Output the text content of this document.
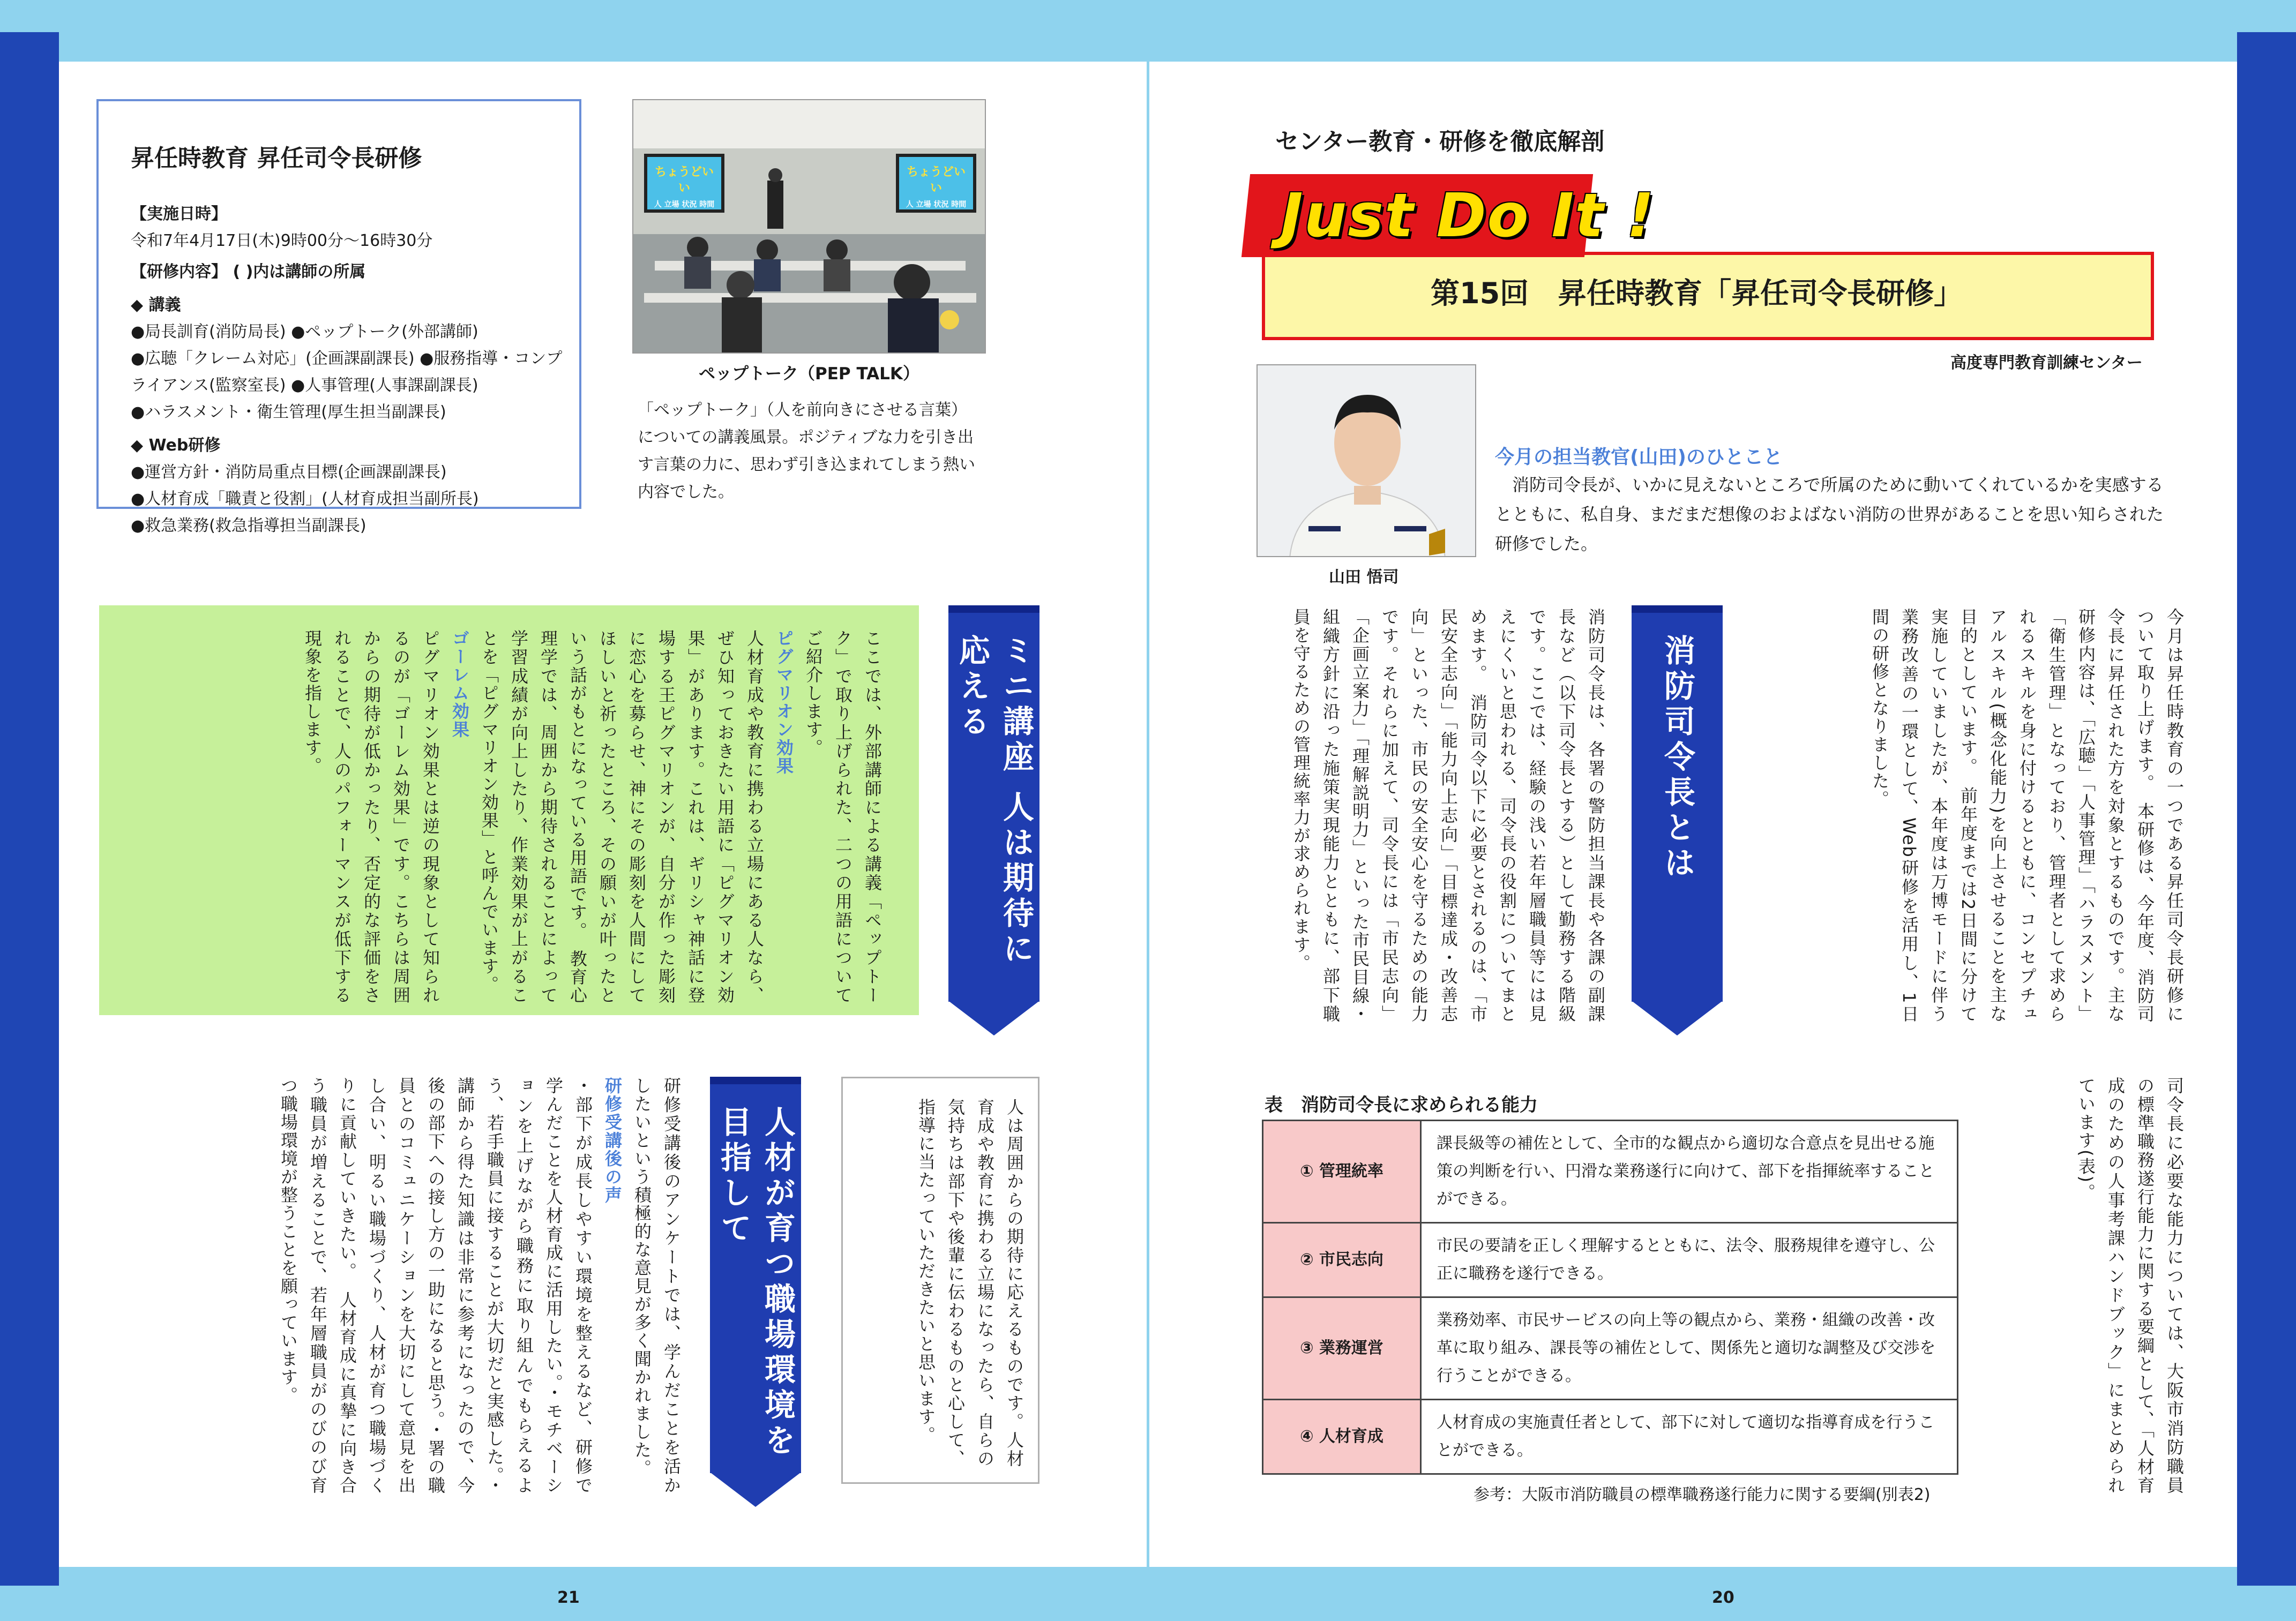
昇任時教育 昇任司令長研修
【実施日時】
令和7年4月17日(木)9時00分～16時30分
【研修内容】 ( )内は講師の所属
◆ 講義
●局長訓育(消防局長) ●ペップトーク(外部講師)
●広聴「クレーム対応」(企画課副課長) ●服務指導・コンプ
ライアンス(監察室長) ●人事管理(人事課副課長)
●ハラスメント・衛生管理(厚生担当副課長)
◆ Web研修
●運営方針・消防局重点目標(企画課副課長)
●人材育成「職責と役割」(人材育成担当副所長)
●救急業務(救急指導担当副課長)
ちょうどいい
人 立場 状況 時間
ちょうどいい
人 立場 状況 時間
ペップトーク（PEP TALK）
「ペップトーク」（人を前向きにさせる言葉）についての講義風景。ポジティブな力を引き出す言葉の力に、思わず引き込まれてしまう熱い内容でした。
ここでは、外部講師による講義「ペップトーク」で取り上げられた、二つの用語についてご紹介します。
ピグマリオン効果
人材育成や教育に携わる立場にある人なら、ぜひ知っておきたい用語に「ピグマリオン効果」があります。これは、ギリシャ神話に登場する王ピグマリオンが、自分が作った彫刻に恋心を募らせ、神にその彫刻を人間にしてほしいと祈ったところ、その願いが叶ったという話がもとになっている用語です。　教育心理学では、周囲から期待されることによって学習成績が向上したり、作業効果が上がることを「ピグマリオン効果」と呼んでいます。
ゴーレム効果
ピグマリオン効果とは逆の現象として知られるのが「ゴーレム効果」です。こちらは周囲からの期待が低かったり、否定的な評価をされることで、人のパフォーマンスが低下する現象を指します。	ミニ講座 人は期待に応える
人は周囲からの期待に応えるものです。人材育成や教育に携わる立場になったら、自らの気持ちは部下や後輩に伝わるものと心して、指導に当たっていただきたいと思います。
人材が育つ職場環境を目指して
研修受講後のアンケートでは、学んだことを活かしたいという積極的な意見が多く聞かれました。
研修受講後の声
・部下が成長しやすい環境を整えるなど、研修で学んだことを人材育成に活用したい。・モチベーションを上げながら職務に取り組んでもらえるよう、若手職員に接することが大切だと実感した。・講師から得た知識は非常に参考になったので、今後の部下への接し方の一助になると思う。・署の職員とのコミュニケーションを大切にして意見を出し合い、明るい職場づくり、人材が育つ職場づくりに貢献していきたい。　人材育成に真摯に向き合う職員が増えることで、若年層職員がのびのび育つ職場環境が整うことを願っています。
21
センター教育・研修を徹底解剖
Just Do It !
第15回　昇任時教育「昇任司令長研修」
高度専門教育訓練センター
山田 悟司
今月の担当教官(山田)のひとこと
消防司令長が、いかに見えないところで所属のために動いてくれているかを実感するとともに、私自身、まだまだ想像のおよばない消防の世界があることを思い知らされた研修でした。
今月は昇任時教育の一つである昇任司令長研修について取り上げます。　本研修は、今年度、消防司令長に昇任された方を対象とするものです。主な研修内容は、「広聴」「人事管理」「ハラスメント」「衛生管理」となっており、管理者として求められるスキルを身に付けるとともに、コンセプチュアルスキル(概念化能力)を向上させることを主な目的としています。　前年度までは2日間に分けて実施していましたが、本年度は万博モードに伴う業務改善の一環として、Web研修を活用し、1日間の研修となりました。
消防司令長とは
消防司令長は、各署の警防担当課長や各課の副課長など（以下司令長とする）として勤務する階級です。ここでは、経験の浅い若年層職員等には見えにくいと思われる、司令長の役割についてまとめます。　消防司令以下に必要とされるのは、「市民安全志向」「能力向上志向」「目標達成・改善志向」といった、市民の安全安心を守るための能力です。それらに加えて、司令長には「市民志向」「企画立案力」「理解説明力」といった市民目線・組織方針に沿った施策実現能力とともに、部下職員を守るための管理統率力が求められます。
司令長に必要な能力については、大阪市消防職員の標準職務遂行能力に関する要綱として、「人材育成のための人事考課ハンドブック」にまとめられています(表)。
表　消防司令長に求められる能力
① 管理統率	課長級等の補佐として、全市的な観点から適切な合意点を見出せる施策の判断を行い、円滑な業務遂行に向けて、部下を指揮統率することができる。
② 市民志向	市民の要請を正しく理解するとともに、法令、服務規律を遵守し、公正に職務を遂行できる。
③ 業務運営	業務効率、市民サービスの向上等の観点から、業務・組織の改善・改革に取り組み、課長等の補佐として、関係先と適切な調整及び交渉を行うことができる。
④ 人材育成	人材育成の実施責任者として、部下に対して適切な指導育成を行うことができる。
参考：大阪市消防職員の標準職務遂行能力に関する要綱(別表2)
20
